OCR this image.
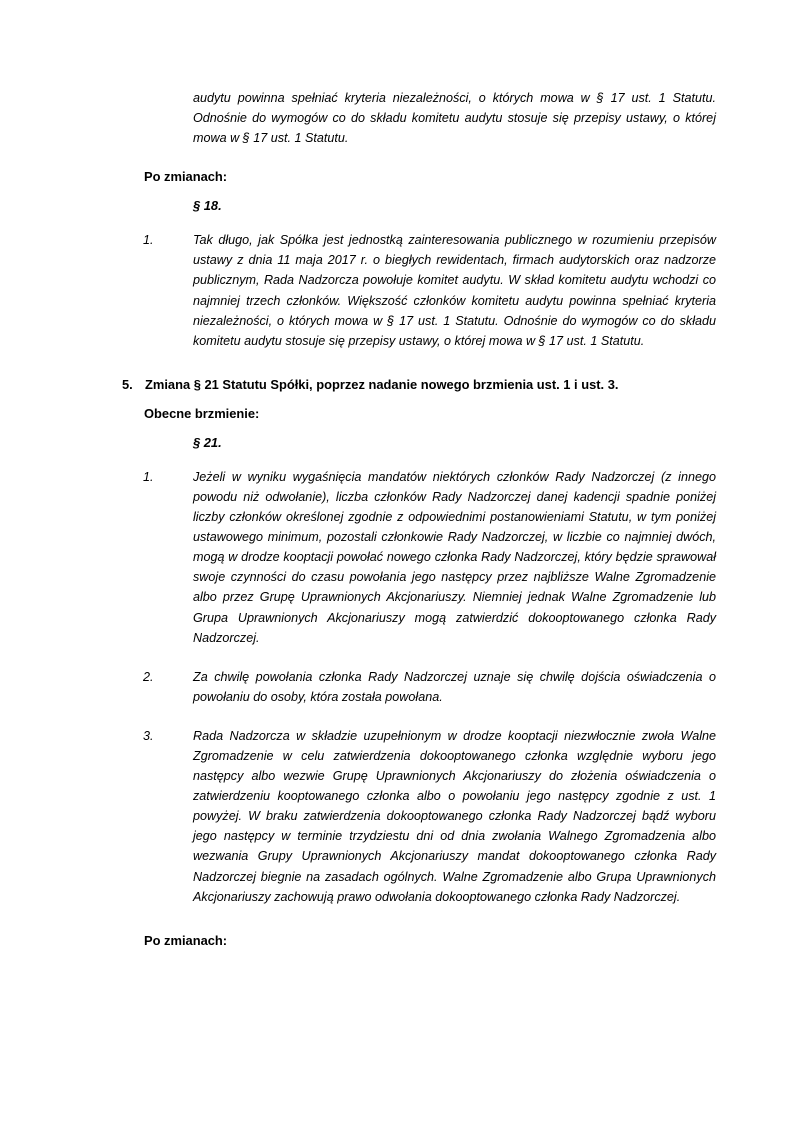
audytu powinna spełniać kryteria niezależności, o których mowa w § 17 ust. 1 Statutu. Odnośnie do wymogów co do składu komitetu audytu stosuje się przepisy ustawy, o której mowa w § 17 ust. 1 Statutu.

Po zmianach:

§ 18.

1.	Tak długo, jak Spółka jest jednostką zainteresowania publicznego w rozumieniu przepisów ustawy z dnia 11 maja 2017 r. o biegłych rewidentach, firmach audytorskich oraz nadzorze publicznym, Rada Nadzorcza powołuje komitet audytu. W skład komitetu audytu wchodzi co najmniej trzech członków. Większość członków komitetu audytu powinna spełniać kryteria niezależności, o których mowa w § 17 ust. 1 Statutu. Odnośnie do wymogów co do składu komitetu audytu stosuje się przepisy ustawy, o której mowa w § 17 ust. 1 Statutu.

5. Zmiana § 21 Statutu Spółki, poprzez nadanie nowego brzmienia ust. 1 i ust. 3.

Obecne brzmienie:

§ 21.

1.	Jeżeli w wyniku wygaśnięcia mandatów niektórych członków Rady Nadzorczej (z innego powodu niż odwołanie), liczba członków Rady Nadzorczej danej kadencji spadnie poniżej liczby członków określonej zgodnie z odpowiednimi postanowieniami Statutu, w tym poniżej ustawowego minimum, pozostali członkowie Rady Nadzorczej, w liczbie co najmniej dwóch, mogą w drodze kooptacji powołać nowego członka Rady Nadzorczej, który będzie sprawował swoje czynności do czasu powołania jego następcy przez najbliższe Walne Zgromadzenie albo przez Grupę Uprawnionych Akcjonariuszy. Niemniej jednak Walne Zgromadzenie lub Grupa Uprawnionych Akcjonariuszy mogą zatwierdzić dokooptowanego członka Rady Nadzorczej.

2.	Za chwilę powołania członka Rady Nadzorczej uznaje się chwilę dojścia oświadczenia o powołaniu do osoby, która została powołana.

3.	Rada Nadzorcza w składzie uzupełnionym w drodze kooptacji niezwłocznie zwoła Walne Zgromadzenie w celu zatwierdzenia dokooptowanego członka względnie wyboru jego następcy albo wezwie Grupę Uprawnionych Akcjonariuszy do złożenia oświadczenia o zatwierdzeniu kooptowanego członka albo o powołaniu jego następcy zgodnie z ust. 1 powyżej. W braku zatwierdzenia dokooptowanego członka Rady Nadzorczej bądź wyboru jego następcy w terminie trzydziestu dni od dnia zwołania Walnego Zgromadzenia albo wezwania Grupy Uprawnionych Akcjonariuszy mandat dokooptowanego członka Rady Nadzorczej biegnie na zasadach ogólnych. Walne Zgromadzenie albo Grupa Uprawnionych Akcjonariuszy zachowują prawo odwołania dokooptowanego członka Rady Nadzorczej.

Po zmianach:
